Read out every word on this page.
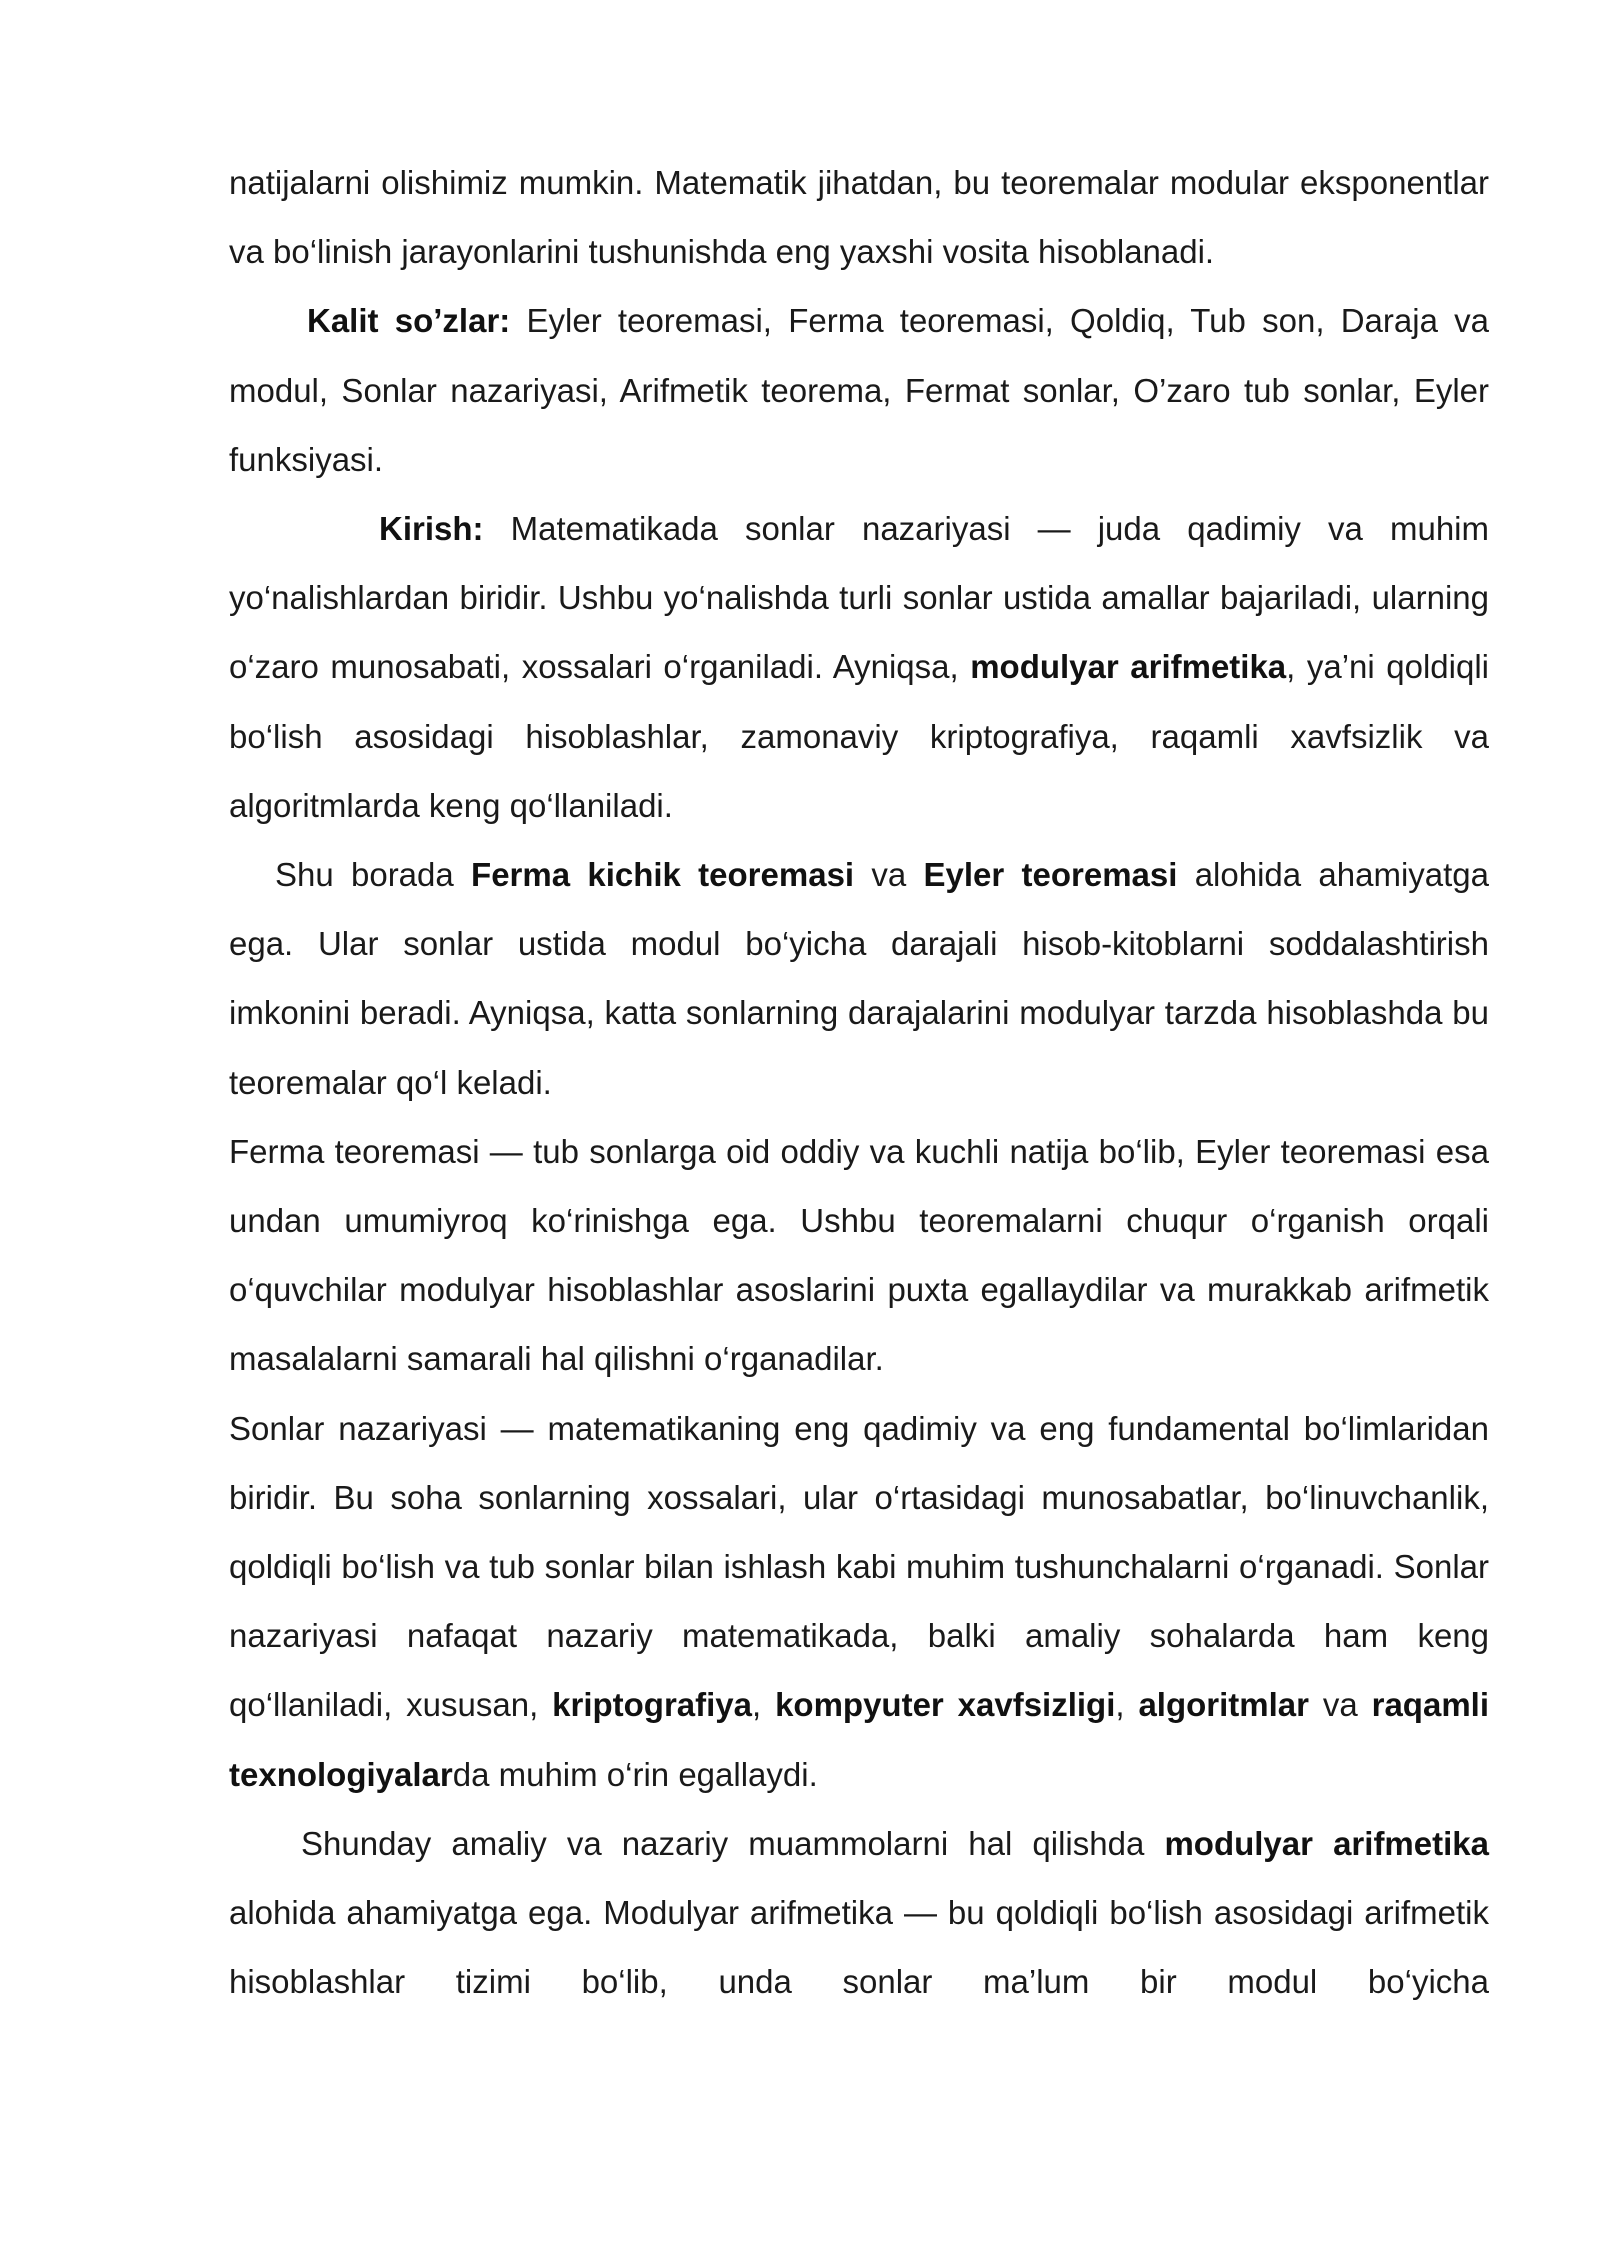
natijalarni olishimiz mumkin. Matematik jihatdan, bu teoremalar modular eksponentlar va bo‘linish jarayonlarini tushunishda eng yaxshi vosita hisoblanadi.

Kalit so’zlar: Eyler teoremasi, Ferma teoremasi, Qoldiq, Tub son, Daraja va modul, Sonlar nazariyasi, Arifmetik teorema, Fermat sonlar, O’zaro tub sonlar, Eyler funksiyasi.

Kirish: Matematikada sonlar nazariyasi — juda qadimiy va muhim yo‘nalishlardan biridir. Ushbu yo‘nalishda turli sonlar ustida amallar bajariladi, ularning o‘zaro munosabati, xossalari o‘rganiladi. Ayniqsa, modulyar arifmetika, ya’ni qoldiqli bo‘lish asosidagi hisoblashlar, zamonaviy kriptografiya, raqamli xavfsizlik va algoritmlarda keng qo‘llaniladi.

Shu borada Ferma kichik teoremasi va Eyler teoremasi alohida ahamiyatga ega. Ular sonlar ustida modul bo‘yicha darajali hisob-kitoblarni soddalashtirish imkonini beradi. Ayniqsa, katta sonlarning darajalarini modulyar tarzda hisoblashda bu teoremalar qo‘l keladi.

Ferma teoremasi — tub sonlarga oid oddiy va kuchli natija bo‘lib, Eyler teoremasi esa undan umumiyroq ko‘rinishga ega. Ushbu teoremalarni chuqur o‘rganish orqali o‘quvchilar modulyar hisoblashlar asoslarini puxta egallaydilar va murakkab arifmetik masalalarni samarali hal qilishni o‘rganadilar.

Sonlar nazariyasi — matematikaning eng qadimiy va eng fundamental bo‘limlaridan biridir. Bu soha sonlarning xossalari, ular o‘rtasidagi munosabatlar, bo‘linuvchanlik, qoldiqli bo‘lish va tub sonlar bilan ishlash kabi muhim tushunchalarni o‘rganadi. Sonlar nazariyasi nafaqat nazariy matematikada, balki amaliy sohalarda ham keng qo‘llaniladi, xususan, kriptografiya, kompyuter xavfsizligi, algoritmlar va raqamli texnologiyalarda muhim o‘rin egallaydi.

Shunday amaliy va nazariy muammolarni hal qilishda modulyar arifmetika alohida ahamiyatga ega. Modulyar arifmetika — bu qoldiqli bo‘lish asosidagi arifmetik hisoblashlar tizimi bo‘lib, unda sonlar ma’lum bir modul bo‘yicha
